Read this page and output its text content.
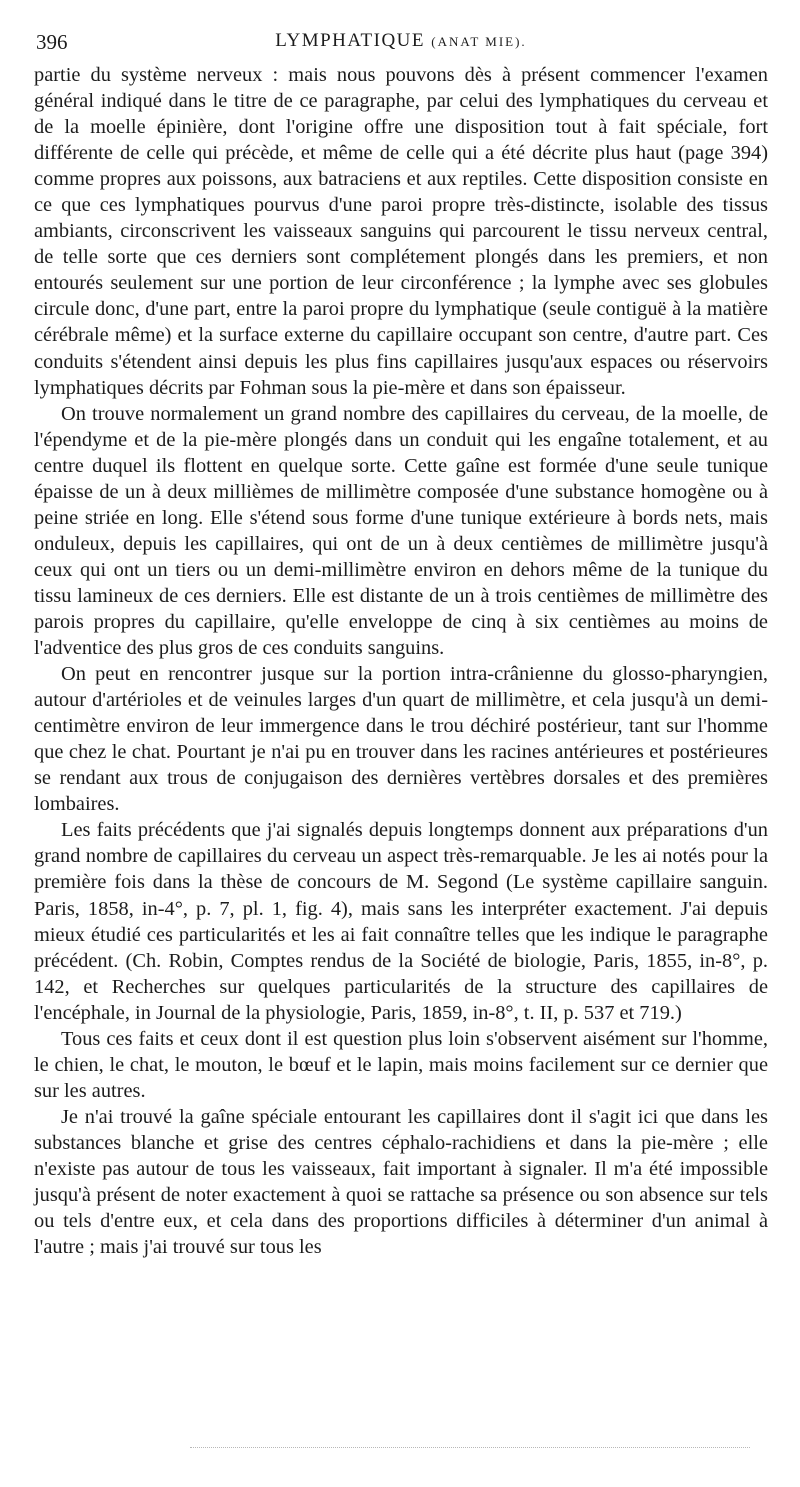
396	LYMPHATIQUE (ANAT MIE).

partie du système nerveux : mais nous pouvons dès à présent commencer l'examen général indiqué dans le titre de ce paragraphe, par celui des lymphatiques du cerveau et de la moelle épinière, dont l'origine offre une disposition tout à fait spéciale, fort différente de celle qui précède, et même de celle qui a été décrite plus haut (page 394) comme propres aux poissons, aux batraciens et aux reptiles. Cette disposition consiste en ce que ces lymphatiques pourvus d'une paroi propre très-distincte, isolable des tissus ambiants, circonscrivent les vaisseaux sanguins qui parcourent le tissu nerveux central, de telle sorte que ces derniers sont complétement plongés dans les premiers, et non entourés seulement sur une portion de leur circonférence ; la lymphe avec ses globules circule donc, d'une part, entre la paroi propre du lymphatique (seule contiguë à la matière cérébrale même) et la surface externe du capillaire occupant son centre, d'autre part. Ces conduits s'étendent ainsi depuis les plus fins capillaires jusqu'aux espaces ou réservoirs lymphatiques décrits par Fohman sous la pie-mère et dans son épaisseur.

On trouve normalement un grand nombre des capillaires du cerveau, de la moelle, de l'épendyme et de la pie-mère plongés dans un conduit qui les engaîne totalement, et au centre duquel ils flottent en quelque sorte. Cette gaîne est formée d'une seule tunique épaisse de un à deux millièmes de millimètre composée d'une substance homogène ou à peine striée en long. Elle s'étend sous forme d'une tunique extérieure à bords nets, mais onduleux, depuis les capillaires, qui ont de un à deux centièmes de millimètre jusqu'à ceux qui ont un tiers ou un demi-millimètre environ en dehors même de la tunique du tissu lamineux de ces derniers. Elle est distante de un à trois centièmes de millimètre des parois propres du capillaire, qu'elle enveloppe de cinq à six centièmes au moins de l'adventice des plus gros de ces conduits sanguins.

On peut en rencontrer jusque sur la portion intra-crânienne du glosso-pharyngien, autour d'artérioles et de veinules larges d'un quart de millimètre, et cela jusqu'à un demi-centimètre environ de leur immergence dans le trou déchiré postérieur, tant sur l'homme que chez le chat. Pourtant je n'ai pu en trouver dans les racines antérieures et postérieures se rendant aux trous de conjugaison des dernières vertèbres dorsales et des premières lombaires.

Les faits précédents que j'ai signalés depuis longtemps donnent aux préparations d'un grand nombre de capillaires du cerveau un aspect très-remarquable. Je les ai notés pour la première fois dans la thèse de concours de M. Segond (Le système capillaire sanguin. Paris, 1858, in-4°, p. 7, pl. 1, fig. 4), mais sans les interpréter exactement. J'ai depuis mieux étudié ces particularités et les ai fait connaître telles que les indique le paragraphe précédent. (Ch. Robin, Comptes rendus de la Société de biologie, Paris, 1855, in-8°, p. 142, et Recherches sur quelques particularités de la structure des capillaires de l'encéphale, in Journal de la physiologie, Paris, 1859, in-8°, t. II, p. 537 et 719.)

Tous ces faits et ceux dont il est question plus loin s'observent aisément sur l'homme, le chien, le chat, le mouton, le bœuf et le lapin, mais moins facilement sur ce dernier que sur les autres.

Je n'ai trouvé la gaîne spéciale entourant les capillaires dont il s'agit ici que dans les substances blanche et grise des centres céphalo-rachidiens et dans la pie-mère ; elle n'existe pas autour de tous les vaisseaux, fait important à signaler. Il m'a été impossible jusqu'à présent de noter exactement à quoi se rattache sa présence ou son absence sur tels ou tels d'entre eux, et cela dans des proportions difficiles à déterminer d'un animal à l'autre ; mais j'ai trouvé sur tous les
